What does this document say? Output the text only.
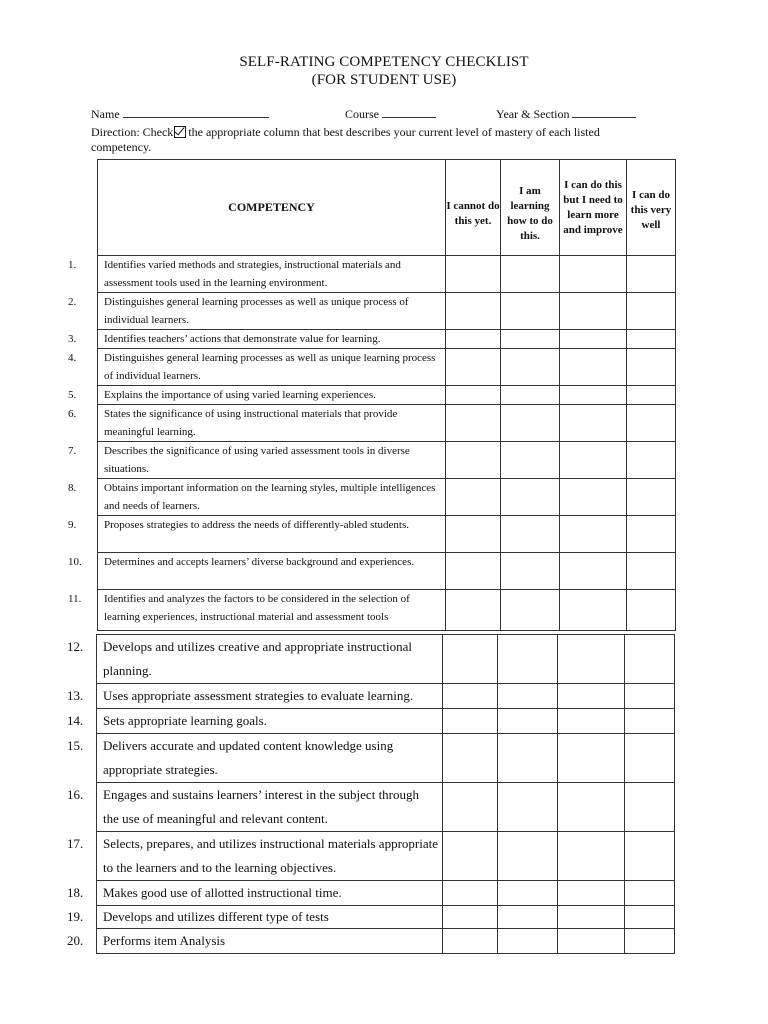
SELF-RATING COMPETENCY CHECKLIST
(FOR STUDENT USE)
Name	Course	Year & Section
Direction: Check the appropriate column that best describes your current level of mastery of each listed competency.
COMPETENCY	I cannot do this yet.	I am learning how to do this.	I can do this but I need to learn more and improve	I can do this very well

1. Identifies varied methods and strategies, instructional materials and assessment tools used in the learning environment.				
2. Distinguishes general learning processes as well as unique process of individual learners.				
3. Identifies teachers’ actions that demonstrate value for learning.				
4. Distinguishes general learning processes as well as unique learning process of individual learners.				
5. Explains the importance of using varied learning experiences.				
6. States the significance of using instructional materials that provide meaningful learning.				
7. Describes the significance of using varied assessment tools in diverse situations.				
8. Obtains important information on the learning styles, multiple intelligences and needs of learners.				
9. Proposes strategies to address the needs of differently-abled students.				
10. Determines and accepts learners’ diverse background and experiences.				

11. Identifies and analyzes the factors to be considered in the selection of learning experiences, instructional material and assessment tools				

12. Develops and utilizes creative and appropriate instructional planning.				
13. Uses appropriate assessment strategies to evaluate learning.				
14. Sets appropriate learning goals.				
15. Delivers accurate and updated content knowledge using appropriate strategies.				
16. Engages and sustains learners’ interest in the subject through the use of meaningful and relevant content.				
17. Selects, prepares, and utilizes instructional materials appropriate to the learners and to the learning objectives.				
18. Makes good use of allotted instructional time.				
19. Develops and utilizes different type of tests				
20. Performs item Analysis				
